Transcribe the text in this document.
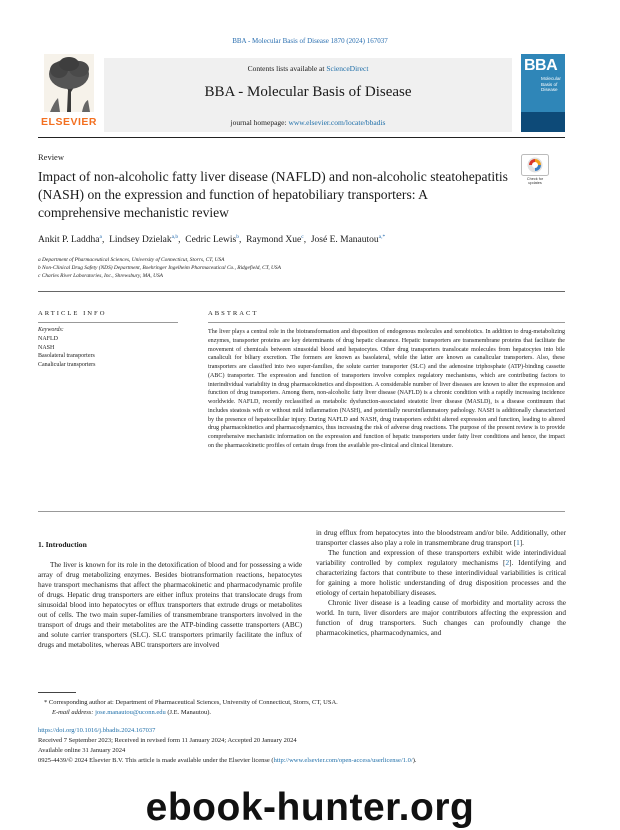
BBA - Molecular Basis of Disease 1870 (2024) 167037
ELSEVIER
Contents lists available at ScienceDirect
BBA - Molecular Basis of Disease
journal homepage: www.elsevier.com/locate/bbadis
BBA
Molecular Basis of Disease
Review
Check for updates
Impact of non-alcoholic fatty liver disease (NAFLD) and non-alcoholic steatohepatitis (NASH) on the expression and function of hepatobiliary transporters: A comprehensive mechanistic review
Ankit P. Laddha$^a$,  Lindsey Dzielak$^{a,b}$,  Cedric Lewis$^b$,  Raymond Xue$^c$,  José E. Manautou$^{a,*}$
a Department of Pharmaceutical Sciences, University of Connecticut, Storrs, CT, USA
b Non-Clinical Drug Safety (NDS) Department, Boehringer Ingelheim Pharmaceutical Co., Ridgefield, CT, USA
c Charles River Laboratories, Inc., Shrewsbury, MA, USA
ARTICLE INFO	ABSTRACT
Keywords:
NAFLD
NASH
Basolateral transporters
Canalicular transporters
The liver plays a central role in the biotransformation and disposition of endogenous molecules and xenobiotics. In addition to drug-metabolizing enzymes, transporter proteins are key determinants of drug hepatic clearance. Hepatic transporters are transmembrane proteins that facilitate the movement of chemicals between sinusoidal blood and hepatocytes. Other drug transporters translocate molecules from hepatocytes into bile canaliculi for biliary excretion. The formers are known as basolateral, while the latter are known as canalicular transporters. Also, these transporters are classified into two super-families, the solute carrier transporter (SLC) and the adenosine triphosphate (ATP)-binding cassette (ABC) transporter. The expression and function of transporters involve complex regulatory mechanisms, which are contributing factors to interindividual variability in drug pharmacokinetics and disposition. A considerable number of liver diseases are known to alter the expression and function of drug transporters. Among them, non-alcoholic fatty liver disease (NAFLD) is a chronic condition with a rapidly increasing incidence worldwide. NAFLD, recently reclassified as metabolic dysfunction-associated steatotic liver disease (MASLD), is a disease continuum that includes steatosis with or without mild inflammation (NASH), and potentially neuroinflammatory pathology. NASH is additionally characterized by the presence of hepatocellular injury. During NAFLD and NASH, drug transporters exhibit altered expression and function, leading to altered drug pharmacokinetics and pharmacodynamics, thus increasing the risk of adverse drug reactions. The purpose of the present review is to provide comprehensive mechanistic information on the expression and function of hepatic transporters under fatty liver conditions and hence, the impact on the pharmacokinetic profiles of certain drugs from the available pre-clinical and clinical literature.
1. Introduction

The liver is known for its role in the detoxification of blood and for possessing a wide array of drug metabolizing enzymes. Besides biotransformation reactions, hepatocytes have transport mechanisms that affect the pharmacokinetic and pharmacodynamic profile of drugs. Hepatic drug transporters are either influx proteins that translocate drugs from sinusoidal blood into hepatocytes or efflux transporters that extrude drugs or metabolites out of cells. The two main super-families of transmembrane transporters involved in the transport of drugs and their metabolites are the ATP-binding cassette transporters (ABC) and solute carrier transporters (SLC). SLC transporters primarily facilitate the influx of drugs and metabolites, whereas ABC transporters are involved

in drug efflux from hepatocytes into the bloodstream and/or bile. Additionally, other transporter classes also play a role in transmembrane drug transport [1].

The function and expression of these transporters exhibit wide interindividual variability controlled by complex regulatory mechanisms [2]. Identifying and characterizing factors that contribute to these interindividual variabilities is critical for gaining a more holistic understanding of drug disposition processes and the etiology of certain hepatobiliary diseases.

Chronic liver disease is a leading cause of morbidity and mortality across the world. In turn, liver disorders are major contributors affecting the expression and function of drug transporters. Such changes can profoundly change the pharmacokinetics, pharmacodynamics, and

* Corresponding author at: Department of Pharmaceutical Sciences, University of Connecticut, Storrs, CT, USA.
E-mail address: jose.manautou@uconn.edu (J.E. Manautou).
https://doi.org/10.1016/j.bbadis.2024.167037
Received 7 September 2023; Received in revised form 11 January 2024; Accepted 20 January 2024
Available online 31 January 2024
0925-4439/© 2024 Elsevier B.V. This article is made available under the Elsevier license (http://www.elsevier.com/open-access/userlicense/1.0/).
ebook-hunter.org
